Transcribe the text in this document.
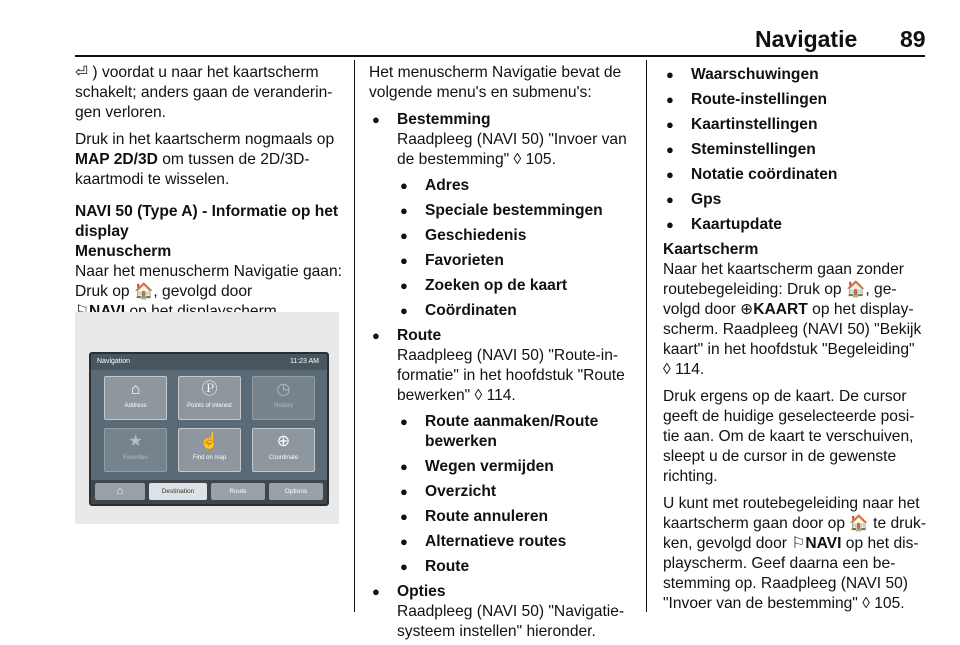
Navigatie 89

⏎ ) voordat u naar het kaartscherm schakelt; anders gaan de veranderin- gen verloren.

Druk in het kaartscherm nogmaals op MAP 2D/3D om tussen de 2D/3D- kaartmodi te wisselen.

NAVI 50 (Type A) - Informatie op het display

Menuscherm

Naar het menuscherm Navigatie gaan: Druk op 🏠, gevolgd door

Navigation	11:23 AM
⌂
Address
Ⓟ
Points of interest
◷
History
★
Favorites
☝
Find on map
⊕
Coordinate
⌂	Destination	Route	Options

Het menuscherm Navigatie bevat de volgende menu's en submenu's:

● Bestemming
Raadpleeg (NAVI 50) "Invoer van de bestemming" ◊ 105.
● Adres
● Speciale bestemmingen
● Geschiedenis
● Favorieten
● Zoeken op de kaart
● Coördinaten
● Route
Raadpleeg (NAVI 50) "Route-in- formatie" in het hoofdstuk "Route bewerken" ◊ 114.
● Route aanmaken/Route bewerken
● Wegen vermijden
● Overzicht
● Route annuleren
● Alternatieve routes
● Route
● Opties
Raadpleeg (NAVI 50) "Navigatie- systeem instellen" hieronder.
● Waarschuwingen
● Route-instellingen
● Kaartinstellingen
● Steminstellingen
● Notatie coördinaten
● Gps
● Kaartupdate

Kaartscherm

Naar het kaartscherm gaan zonder routebegeleiding: Druk op 🏠, ge- volgd door ⊕KAART op het display- scherm. Raadpleeg (NAVI 50) "Bekijk kaart" in het hoofdstuk "Begeleiding"
◊ 114.

Druk ergens op de kaart. De cursor geeft de huidige geselecteerde posi- tie aan. Om de kaart te verschuiven, sleept u de cursor in de gewenste richting.

U kunt met routebegeleiding naar het kaartscherm gaan door op 🏠 te druk- ken, gevolgd door ⚐NAVI op het dis- playscherm. Geef daarna een be- stemming op. Raadpleeg (NAVI 50) "Invoer van de bestemming" ◊ 105.
